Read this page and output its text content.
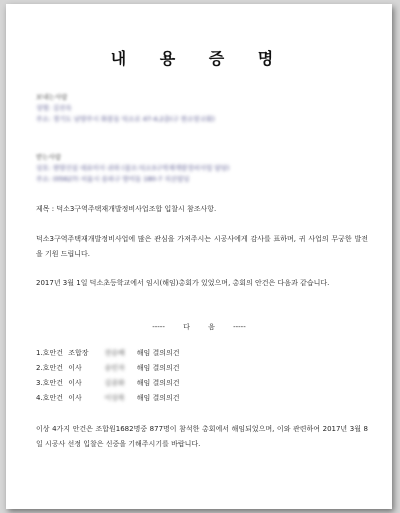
내 용 증 명
보내는사람
성명: 김진숙
주소: 경기도 남양주시 화봉동 덕소로 47-4,2층(구 한소망교회)
받는사람
상호: 현양건설 대표이사 귀하 (참조:덕소3구역재개발정비사업 담당)
주소: (05627) 서울시 송파구 방이동 180-7 지산빌딩
제목 : 덕소3구역주택재개발정비사업조합 입찰시 참조사항.
덕소3구역주택재개발정비사업에 많은 관심을 가져주시는 시공사에게 감사를 표하며, 귀 사업의 무궁한 발전을 기원 드립니다.
2017년 3월 1일 덕소초등학교에서 임시(해임)총회가 있었으며, 총회의 안건은 다음과 같습니다.
-----	다	음	-----
1.호안건 조합장 전승배 해임 결의의건
2.호안건 이사	송민자 해임 결의의건
3.호안건 이사	김종화 해임 결의의건
4.호안건 이사	이상복 해임 결의의건
이상 4가지 안건은 조합원1682명중 877명이 참석한 총회에서 해임되었으며, 이와 관련하여 2017년 3월 8일 시공사 선정 입찰은 신중을 기해주시기를 바랍니다.
